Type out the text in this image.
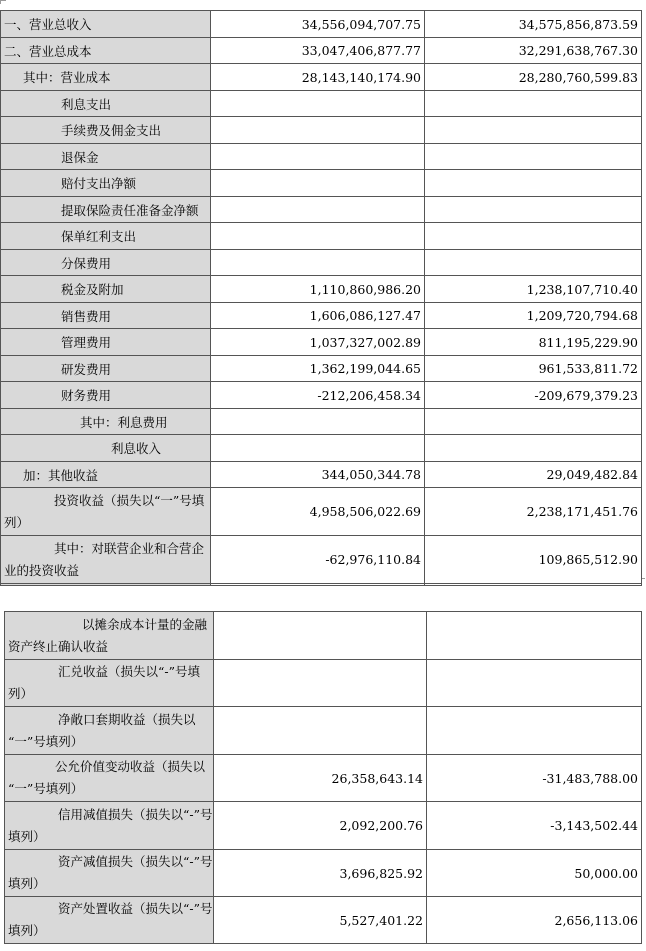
一、营业总收入	34,556,094,707.75	34,575,856,873.59
二、营业总成本	33,047,406,877.77	32,291,638,767.30
其中：营业成本	28,143,140,174.90	28,280,760,599.83
利息支出		
手续费及佣金支出		
退保金		
赔付支出净额		
提取保险责任准备金净额		
保单红利支出		
分保费用		
税金及附加	1,110,860,986.20	1,238,107,710.40
销售费用	1,606,086,127.47	1,209,720,794.68
管理费用	1,037,327,002.89	811,195,229.90
研发费用	1,362,199,044.65	961,533,811.72
财务费用	-212,206,458.34	-209,679,379.23
其中：利息费用		
利息收入		
加：其他收益	344,050,344.78	29,049,482.84

投资收益（损失以“一”号填
列）	4,958,506,022.69	2,238,171,451.76

其中：对联营企业和合营企
业的投资收益	-62,976,110.84	109,865,512.90

以摊余成本计量的金融
资产终止确认收益		

汇兑收益（损失以“-”号填
列）		

净敞口套期收益（损失以
“一”号填列）		

公允价值变动收益（损失以
“一”号填列）	26,358,643.14	-31,483,788.00

信用减值损失（损失以“-”号
填列）	2,092,200.76	-3,143,502.44

资产减值损失（损失以“-”号
填列）	3,696,825.92	50,000.00

资产处置收益（损失以“-”号
填列）	5,527,401.22	2,656,113.06
